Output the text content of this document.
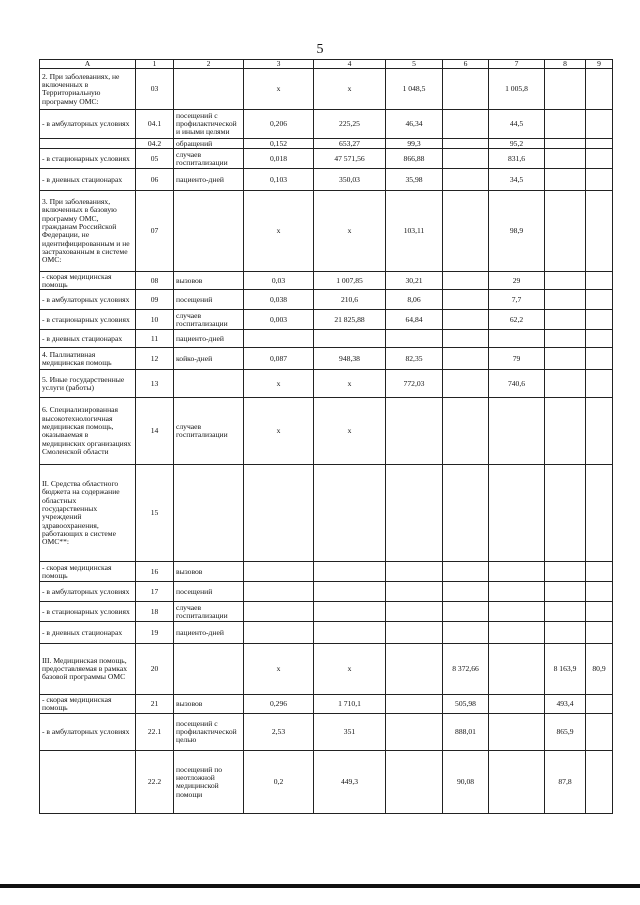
5
А	1	2	3	4	5	6	7	8	9
2. При заболеваниях, не включенных в Территориальную программу ОМС:	03		х	х	1 048,5		1 005,8		
- в амбулаторных условиях	04.1	посещений с профилактической и иными целями	0,206	225,25	46,34		44,5		
	04.2	обращений	0,152	653,27	99,3		95,2		
- в стационарных условиях	05	случаев госпитализации	0,018	47 571,56	866,88		831,6		
- в дневных стационарах	06	пациенто-дней	0,103	350,03	35,98		34,5		
3. При заболеваниях, включенных в базовую программу ОМС, гражданам Российской Федерации, не идентифицированным и не застрахованным в системе ОМС:	07		х	х	103,11		98,9		
- скорая медицинская помощь	08	вызовов	0,03	1 007,85	30,21		29		
- в амбулаторных условиях	09	посещений	0,038	210,6	8,06		7,7		
- в стационарных условиях	10	случаев госпитализации	0,003	21 825,88	64,84		62,2		
- в дневных стационарах	11	пациенто-дней							
4. Паллиативная медицинская помощь	12	койко-дней	0,087	948,38	82,35		79		
5. Иные государственные услуги (работы)	13		х	х	772,03		740,6		
6. Специализированная высокотехнологичная медицинская помощь, оказываемая в медицинских организациях Смоленской области	14	случаев госпитализации	х	х					
II. Средства областного бюджета на содержание областных государственных учреждений здравоохранения, работающих в системе ОМС**:	15								
- скорая медицинская помощь	16	вызовов							
- в амбулаторных условиях	17	посещений							
- в стационарных условиях	18	случаев госпитализации							
- в дневных стационарах	19	пациенто-дней							
III. Медицинская помощь, предоставляемая в рамках базовой программы ОМС	20		х	х		8 372,66		8 163,9	80,9
- скорая медицинская помощь	21	вызовов	0,296	1 710,1		505,98		493,4	
- в амбулаторных условиях	22.1	посещений с профилактической целью	2,53	351		888,01		865,9	
	22.2	посещений по неотложной медицинской помощи	0,2	449,3		90,08		87,8	
